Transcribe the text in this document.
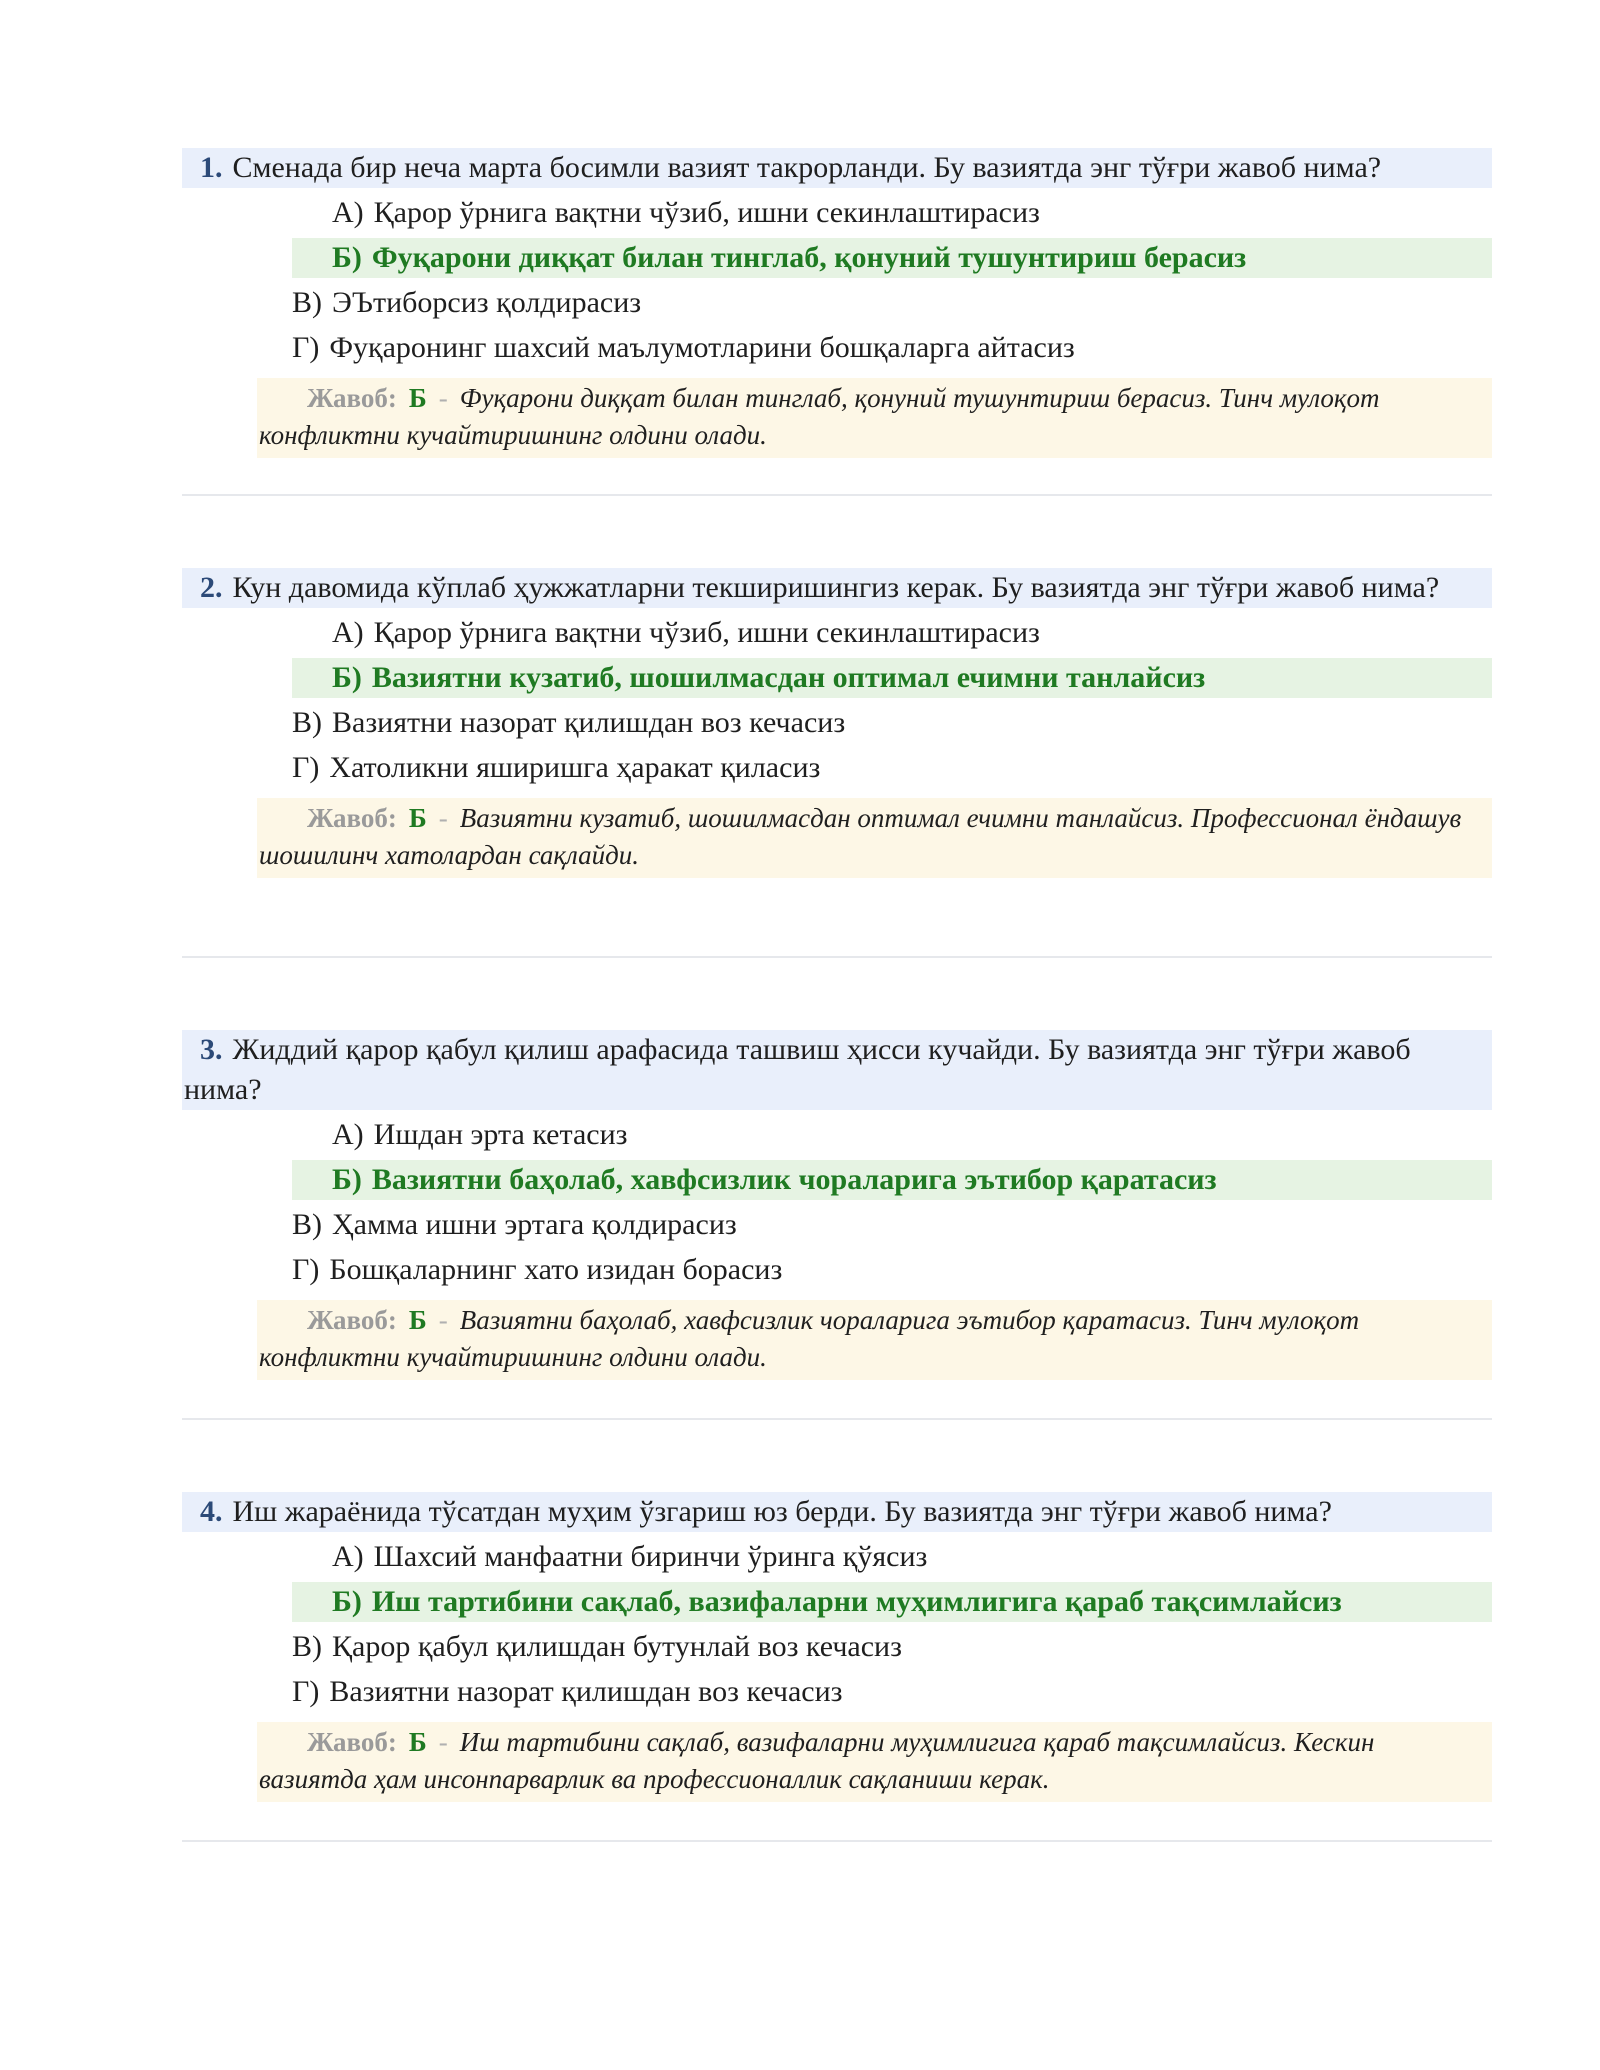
1. Сменада бир неча марта босимли вазият такрорланди. Бу вазиятда энг тўғри жавоб нима?
А) Қарор ўрнига вақтни чўзиб, ишни секинлаштирасиз
Б) Фуқарони диққат билан тинглаб, қонуний тушунтириш берасиз
В) ЭЪтиборсиз қолдирасиз
Г) Фуқаронинг шахсий маълумотларини бошқаларга айтасиз
Жавоб: Б - Фуқарони диққат билан тинглаб, қонуний тушунтириш берасиз. Тинч мулоқот конфликтни кучайтиришнинг олдини олади.
2. Кун давомида кўплаб ҳужжатларни текширишингиз керак. Бу вазиятда энг тўғри жавоб нима?
А) Қарор ўрнига вақтни чўзиб, ишни секинлаштирасиз
Б) Вазиятни кузатиб, шошилмасдан оптимал ечимни танлайсиз
В) Вазиятни назорат қилишдан воз кечасиз
Г) Хатоликни яширишга ҳаракат қиласиз
Жавоб: Б - Вазиятни кузатиб, шошилмасдан оптимал ечимни танлайсиз. Профессионал ёндашув шошилинч хатолардан сақлайди.
3. Жиддий қарор қабул қилиш арафасида ташвиш ҳисси кучайди. Бу вазиятда энг тўғри жавоб нима?
А) Ишдан эрта кетасиз
Б) Вазиятни баҳолаб, хавфсизлик чораларига эътибор қаратасиз
В) Ҳамма ишни эртага қолдирасиз
Г) Бошқаларнинг хато изидан борасиз
Жавоб: Б - Вазиятни баҳолаб, хавфсизлик чораларига эътибор қаратасиз. Тинч мулоқот конфликтни кучайтиришнинг олдини олади.
4. Иш жараёнида тўсатдан муҳим ўзгариш юз берди. Бу вазиятда энг тўғри жавоб нима?
А) Шахсий манфаатни биринчи ўринга қўясиз
Б) Иш тартибини сақлаб, вазифаларни муҳимлигига қараб тақсимлайсиз
В) Қарор қабул қилишдан бутунлай воз кечасиз
Г) Вазиятни назорат қилишдан воз кечасиз
Жавоб: Б - Иш тартибини сақлаб, вазифаларни муҳимлигига қараб тақсимлайсиз. Кескин вазиятда ҳам инсонпарварлик ва профессионаллик сақланиши керак.
